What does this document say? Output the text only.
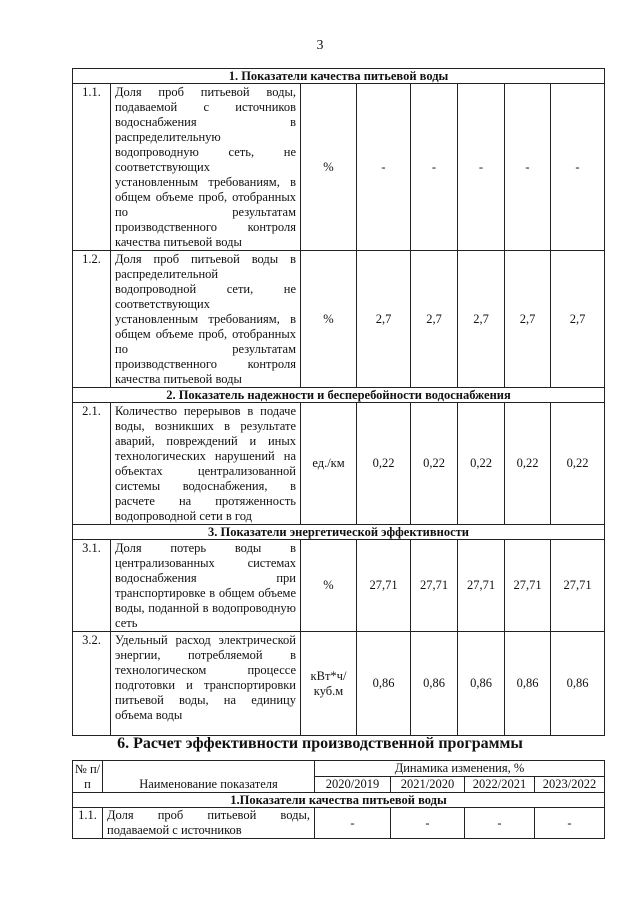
3
1. Показатели качества питьевой воды							
1.1.	Доля проб питьевой воды, подаваемой с источников водоснабжения в распределительную водопроводную сеть, не соответствующих установленным требованиям, в общем объеме проб, отобранных по результатам производственного контроля качества питьевой воды	%	-	-	-	-	-
1.2.	Доля проб питьевой воды в распределительной водопроводной сети, не соответствующих установленным требованиям, в общем объеме проб, отобранных по результатам производственного контроля качества питьевой воды	%	2,7	2,7	2,7	2,7	2,7
2. Показатель надежности и бесперебойности водоснабжения							
2.1.	Количество перерывов в подаче воды, возникших в результате аварий, повреждений и иных технологических нарушений на объектах централизованной системы водоснабжения, в расчете на протяженность водопроводной сети в год	ед./км	0,22	0,22	0,22	0,22	0,22
3. Показатели энергетической эффективности							
3.1.	Доля потерь воды в централизованных системах водоснабжения при транспортировке в общем объеме воды, поданной в водопроводную сеть	%	27,71	27,71	27,71	27,71	27,71
3.2.	Удельный расход электрической энергии, потребляемой в технологическом процессе подготовки и транспортировки питьевой воды, на единицу объема воды	кВт*ч/ куб.м	0,86	0,86	0,86	0,86	0,86
6. Расчет эффективности производственной программы
№ п/п	Наименование показателя	Динамика изменения, %			
		2020/2019	2021/2020	2022/2021	2023/2022
1.Показатели качества питьевой воды					
1.1.	Доля проб питьевой воды, подаваемой с источников	-	-	-	-
